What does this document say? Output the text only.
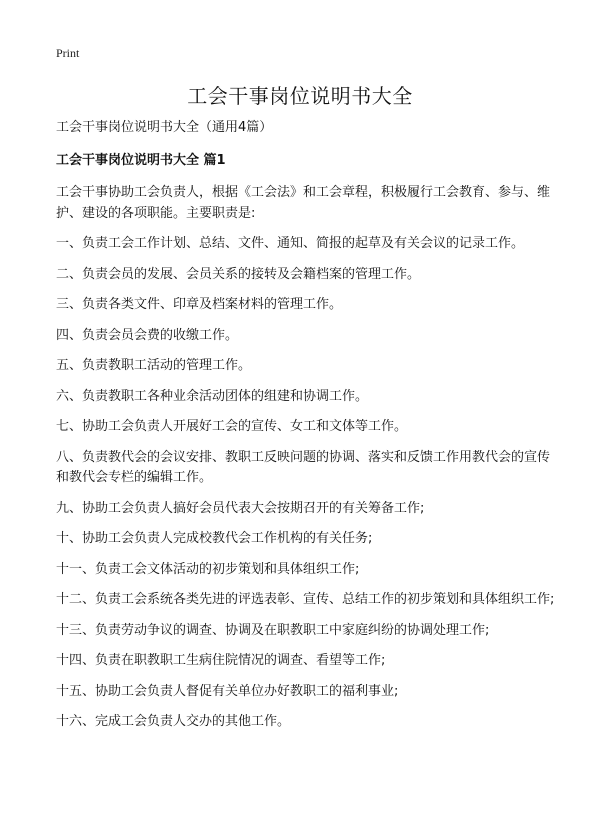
Print
工会干事岗位说明书大全

工会干事岗位说明书大全（通用4篇）

工会干事岗位说明书大全 篇1

工会干事协助工会负责人，根据《工会法》和工会章程，积极履行工会教育、参与、维护、建设的各项职能。主要职责是:

一、负责工会工作计划、总结、文件、通知、简报的起草及有关会议的记录工作。

二、负责会员的发展、会员关系的接转及会籍档案的管理工作。

三、负责各类文件、印章及档案材料的管理工作。

四、负责会员会费的收缴工作。

五、负责教职工活动的管理工作。

六、负责教职工各种业余活动团体的组建和协调工作。

七、协助工会负责人开展好工会的宣传、女工和文体等工作。

八、负责教代会的会议安排、教职工反映问题的协调、落实和反馈工作用教代会的宣传和教代会专栏的编辑工作。

九、协助工会负责人搞好会员代表大会按期召开的有关筹备工作;

十、协助工会负责人完成校教代会工作机构的有关任务;

十一、负责工会文体活动的初步策划和具体组织工作;

十二、负责工会系统各类先进的评选表彰、宣传、总结工作的初步策划和具体组织工作;

十三、负责劳动争议的调查、协调及在职教职工中家庭纠纷的协调处理工作;

十四、负责在职教职工生病住院情况的调查、看望等工作;

十五、协助工会负责人督促有关单位办好教职工的福利事业;

十六、完成工会负责人交办的其他工作。
